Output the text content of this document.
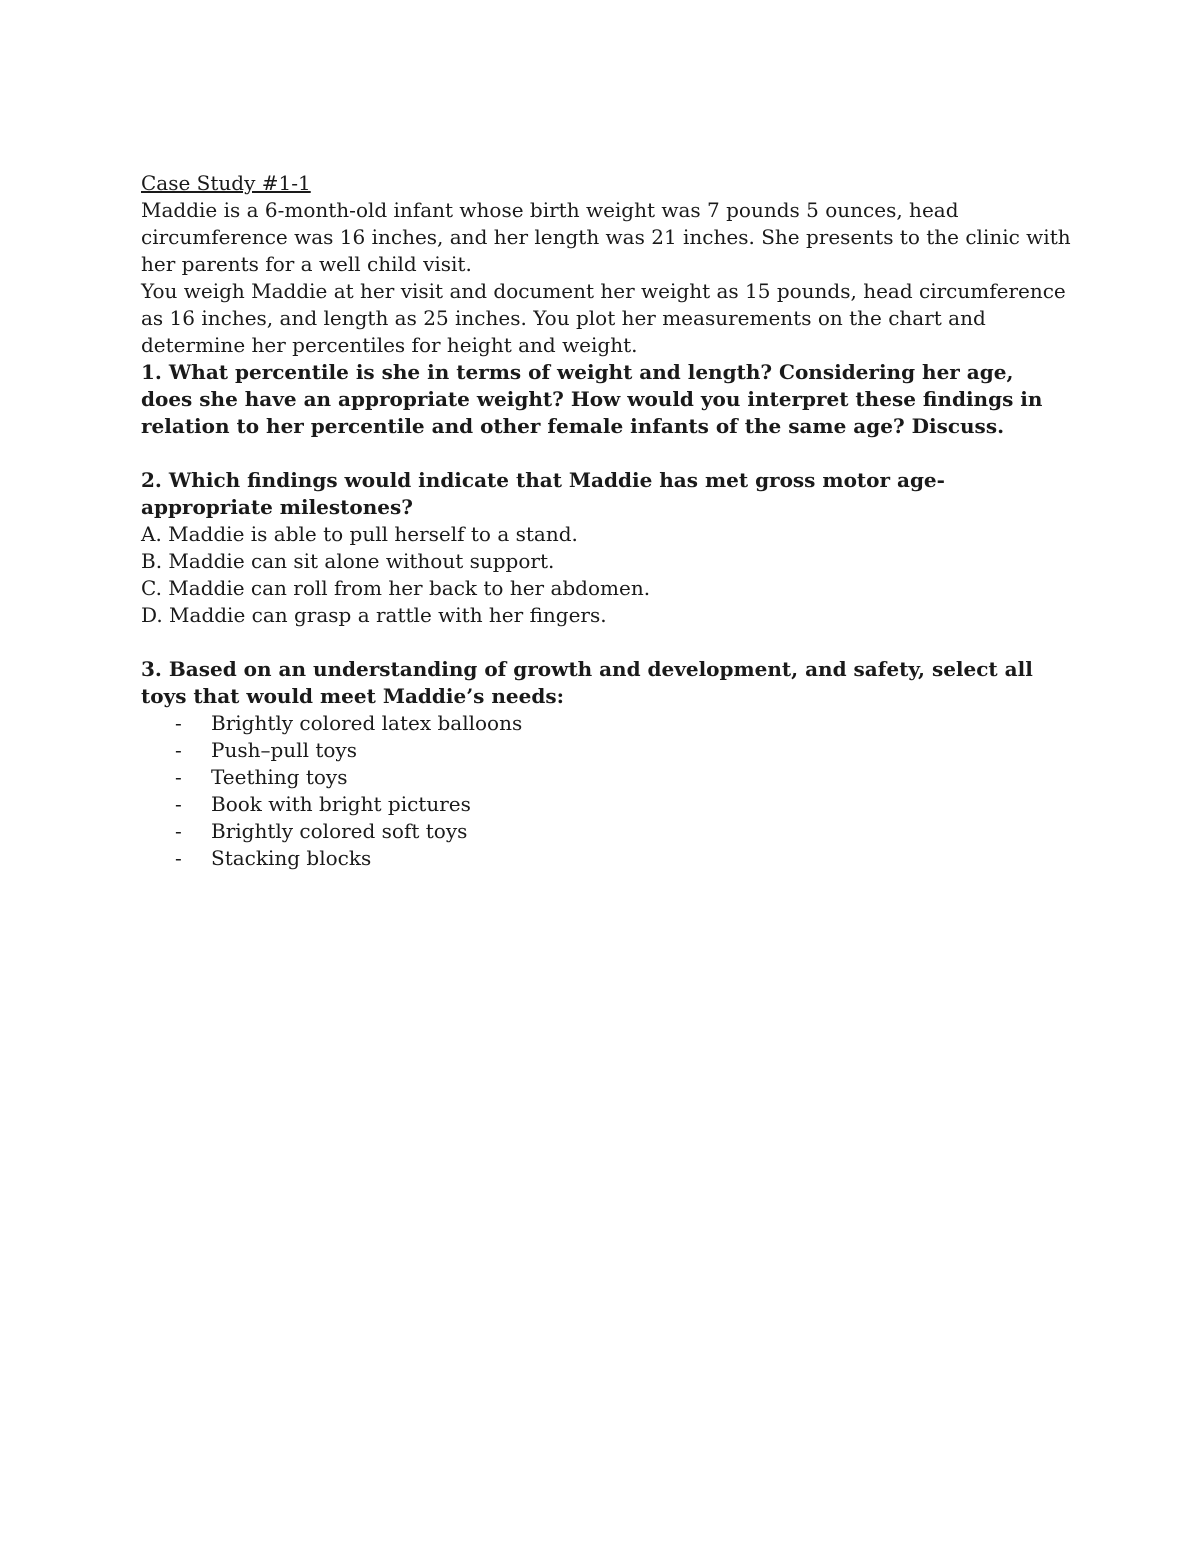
Case Study #1-1

Maddie is a 6-month-old infant whose birth weight was 7 pounds 5 ounces, head circumference was 16 inches, and her length was 21 inches. She presents to the clinic with her parents for a well child visit.

You weigh Maddie at her visit and document her weight as 15 pounds, head circumference as 16 inches, and length as 25 inches. You plot her measurements on the chart and determine her percentiles for height and weight.

1. What percentile is she in terms of weight and length? Considering her age, does she have an appropriate weight? How would you interpret these findings in relation to her percentile and other female infants of the same age? Discuss.

2. Which findings would indicate that Maddie has met gross motor age-appropriate milestones?

A. Maddie is able to pull herself to a stand.

B. Maddie can sit alone without support.

C. Maddie can roll from her back to her abdomen.

D. Maddie can grasp a rattle with her fingers.

3. Based on an understanding of growth and development, and safety, select all toys that would meet Maddie’s needs:

- Brightly colored latex balloons
- Push–pull toys
- Teething toys
- Book with bright pictures
- Brightly colored soft toys
- Stacking blocks
